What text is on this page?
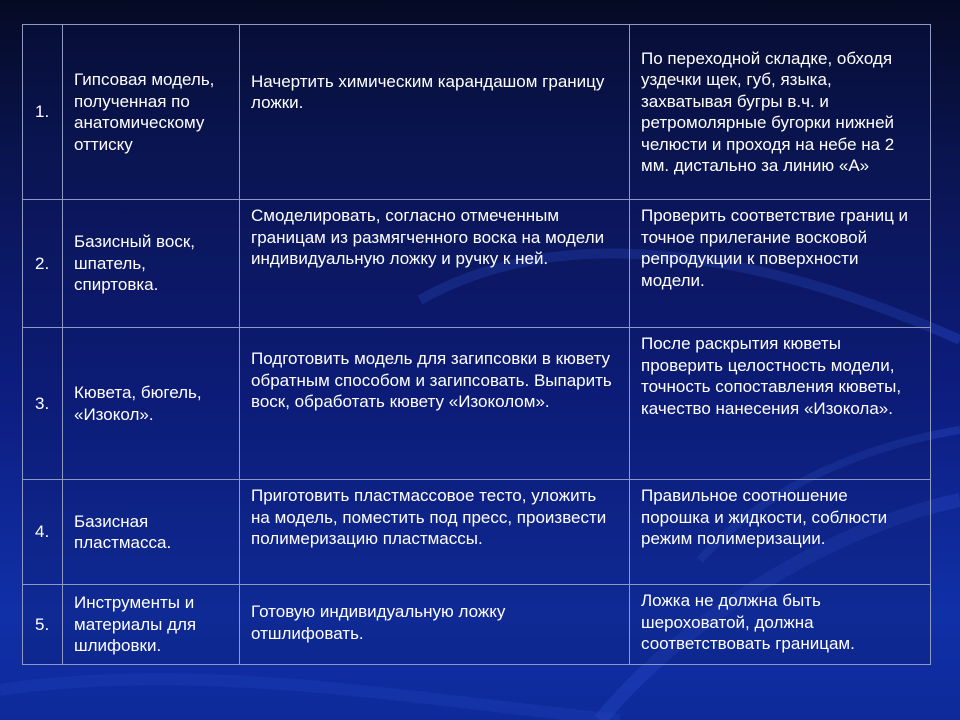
1.	Гипсовая модель, полученная по анатомическому оттиску	Начертить химическим карандашом границу ложки.	По переходной складке, обходя уздечки щек, губ, языка, захватывая бугры в.ч. и ретромолярные бугорки нижней челюсти и проходя на небе на 2 мм. дистально за линию «А»
2.	Базисный воск, шпатель, спиртовка.	Смоделировать, согласно отмеченным границам из размягченного воска на модели индивидуальную ложку и ручку к ней.	Проверить соответствие границ и точное прилегание восковой репродукции к поверхности модели.
3.	Кювета, бюгель, «Изокол».	Подготовить модель для загипсовки в кювету обратным способом и загипсовать. Выпарить воск, обработать кювету «Изоколом».	После раскрытия кюветы проверить целостность модели, точность сопоставления кюветы, качество нанесения «Изокола».
4.	Базисная пластмасса.	Приготовить пластмассовое тесто, уложить на модель, поместить под пресс, произвести полимеризацию пластмассы.	Правильное соотношение порошка и жидкости, соблюсти режим полимеризации.
5.	Инструменты и материалы для шлифовки.	Готовую индивидуальную ложку отшлифовать.	Ложка не должна быть шероховатой, должна соответствовать границам.
